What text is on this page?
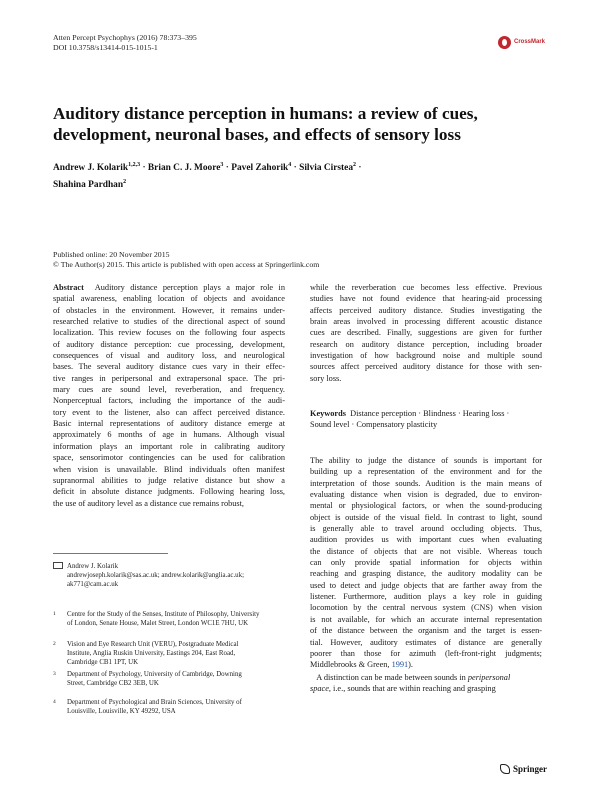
Atten Percept Psychophys (2016) 78:373–395
DOI 10.3758/s13414-015-1015-1
CrossMark
Auditory distance perception in humans: a review of cues, development, neuronal bases, and effects of sensory loss
Andrew J. Kolarik$^{1,2,3}$ · Brian C. J. Moore$^3$ · Pavel Zahorik$^4$ · Silvia Cirstea$^2$ ·
Shahina Pardhan$^2$
Published online: 20 November 2015
© The Author(s) 2015. This article is published with open access at Springerlink.com
Abstract Auditory distance perception plays a major role in
spatial awareness, enabling location of objects and avoidance
of obstacles in the environment. However, it remains under-
researched relative to studies of the directional aspect of sound
localization. This review focuses on the following four aspects
of auditory distance perception: cue processing, development,
consequences of visual and auditory loss, and neurological
bases. The several auditory distance cues vary in their effec-
tive ranges in peripersonal and extrapersonal space. The pri-
mary cues are sound level, reverberation, and frequency.
Nonperceptual factors, including the importance of the audi-
tory event to the listener, also can affect perceived distance.
Basic internal representations of auditory distance emerge at
approximately 6 months of age in humans. Although visual
information plays an important role in calibrating auditory
space, sensorimotor contingencies can be used for calibration
when vision is unavailable. Blind individuals often manifest
supranormal abilities to judge relative distance but show a
deficit in absolute distance judgments. Following hearing loss,
the use of auditory level as a distance cue remains robust,
Andrew J. Kolarik
andrewjoseph.kolarik@sas.ac.uk; andrew.kolarik@anglia.ac.uk;
ak771@cam.ac.uk
1 Centre for the Study of the Senses, Institute of Philosophy, University
of London, Senate House, Malet Street, London WC1E 7HU, UK
2 Vision and Eye Research Unit (VERU), Postgraduate Medical
Institute, Anglia Ruskin University, Eastings 204, East Road,
Cambridge CB1 1PT, UK
3 Department of Psychology, University of Cambridge, Downing
Street, Cambridge CB2 3EB, UK
4 Department of Psychological and Brain Sciences, University of
Louisville, Louisville, KY 49292, USA
while the reverberation cue becomes less effective. Previous
studies have not found evidence that hearing-aid processing
affects perceived auditory distance. Studies investigating the
brain areas involved in processing different acoustic distance
cues are described. Finally, suggestions are given for further
research on auditory distance perception, including broader
investigation of how background noise and multiple sound
sources affect perceived auditory distance for those with sen-
sory loss.
Keywords Distance perception · Blindness · Hearing loss ·
Sound level · Compensatory plasticity
The ability to judge the distance of sounds is important for
building up a representation of the environment and for the
interpretation of those sounds. Audition is the main means of
evaluating distance when vision is degraded, due to environ-
mental or physiological factors, or when the sound-producing
object is outside of the visual field. In contrast to light, sound
is generally able to travel around occluding objects. Thus,
audition provides us with important cues when evaluating
the distance of objects that are not visible. Whereas touch
can only provide spatial information for objects within
reaching and grasping distance, the auditory modality can be
used to detect and judge objects that are farther away from the
listener. Furthermore, audition plays a key role in guiding
locomotion by the central nervous system (CNS) when vision
is not available, for which an accurate internal representation
of the distance between the organism and the target is essen-
tial. However, auditory estimates of distance are generally
poorer than those for azimuth (left-front-right judgments;
Middlebrooks & Green, 1991).
A distinction can be made between sounds in peripersonal
space, i.e., sounds that are within reaching and grasping
Springer
